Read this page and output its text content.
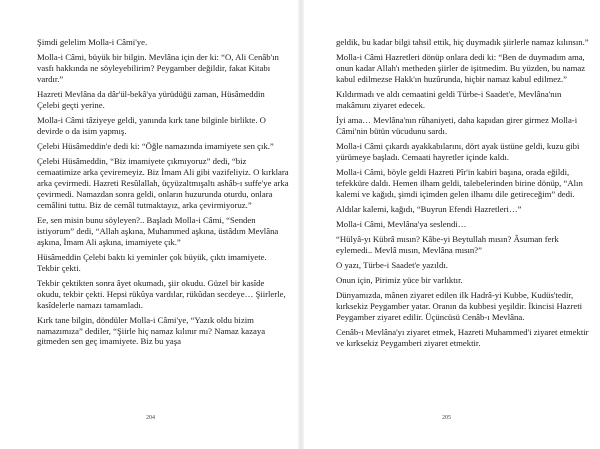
Şimdi gelelim Molla-i Câmi'ye.

Molla-i Câmi, büyük bir bilgin. Mevlâna için der ki: “O, Ali Cenâb'ın vasfı hakkında ne söyleyebilirim? Peygamber değildir, fakat Kitabı vardır.”

Hazreti Mevlâna da dâr'ül-bekâ'ya yürüdüğü zaman, Hüsâmeddin Çelebi geçti yerine.

Molla-i Câmi tâziyeye geldi, yanında kırk tane bilginle birlikte. O devirde o da isim yapmış.

Çelebi Hüsâmeddin'e dedi ki: “Öğle namazında imamiyete sen çık.”

Çelebi Hüsâmeddin, “Biz imamiyete çıkmıyoruz” dedi, “biz cemaatimize arka çeviremeyiz. Biz İmam Ali gibi vazifeliyiz. O kırklara arka çevirmedi. Hazreti Resûlallah, üçyüzaltmışaltı ashâb-ı suffe'ye arka çevirmedi. Namazdan sonra geldi, onların huzurunda oturdu, onlara cemâlini tuttu. Biz de cemâl tutmaktayız, arka çevirmiyoruz.”

Ee, sen misin bunu söyleyen?.. Başladı Molla-i Câmi, “Senden istiyorum” dedi, “Allah aşkına, Muhammed aşkına, üstâdım Mevlâna aşkına, İmam Ali aşkına, imamiyete çık.”

Hüsâmeddin Çelebi baktı ki yeminler çok büyük, çıktı imamiyete. Tekbir çekti.

Tekbir çektikten sonra âyet okumadı, şiir okudu. Güzel bir kasîde okudu, tekbir çekti. Hepsi rükûya vardılar, rükûdan secdeye… Şiirlerle, kasîdelerle namazı tamamladı.

Kırk tane bilgin, döndüler Molla-i Câmi'ye, “Yazık oldu bizim namazımıza” dediler, “Şiirle hiç namaz kılınır mı? Namaz kazaya gitmeden sen geç imamiyete. Biz bu yaşa

204

geldik, bu kadar bilgi tahsil ettik, hiç duymadık şiirlerle namaz kılınsın.”

Molla-i Câmi Hazretleri dönüp onlara dedi ki: “Ben de duymadım ama, onun kadar Allah'ı metheden şiirler de işitmedim. Bu yüzden, bu namaz kabul edilmezse Hakk'ın huzûrunda, hiçbir namaz kabul edilmez.”

Kıldırmadı ve aldı cemaatini geldi Türbe-i Saadet'e, Mevlâna'nın makâmını ziyaret edecek.

İyi ama… Mevlâna'nın rûhaniyeti, daha kapıdan girer girmez Molla-i Câmi'nin bütün vücudunu sardı.

Molla-i Câmi çıkardı ayakkabılarını, dört ayak üstüne geldi, kuzu gibi yürümeye başladı. Cemaati hayretler içinde kaldı.

Molla-i Câmi, böyle geldi Hazreti Pîr'in kabiri başına, orada eğildi, tefekküre daldı. Hemen ilham geldi, talebelerinden birine dönüp, “Alın kalemi ve kağıdı, şimdi içimden gelen ilhamı dile getireceğim” dedi.

Aldılar kalemi, kağıdı, “Buyrun Efendi Hazretleri…”

Molla-i Câmi, Mevlâna'ya seslendi…

“Hülyâ-yı Kübrâ mısın? Kâbe-yi Beytullah mısın? Âsuman ferk eylemedi.. Mevlâ mısın, Mevlâna mısın?”

O yazı, Türbe-i Saadet'e yazıldı.

Onun için, Pirimiz yüce bir varlıktır.

Dünyamızda, mânen ziyaret edilen ilk Hadrâ-yi Kubbe, Kudüs'tedir, kırksekiz Peygamber yatar. Oranın da kubbesi yeşildir. İkincisi Hazreti Peygamber ziyaret edilir. Üçüncüsü Cenâb-ı Mevlâna.

Cenâb-ı Mevlâna'yı ziyaret etmek, Hazreti Muhammed'i ziyaret etmektir ve kırksekiz Peygamberi ziyaret etmektir.

205
